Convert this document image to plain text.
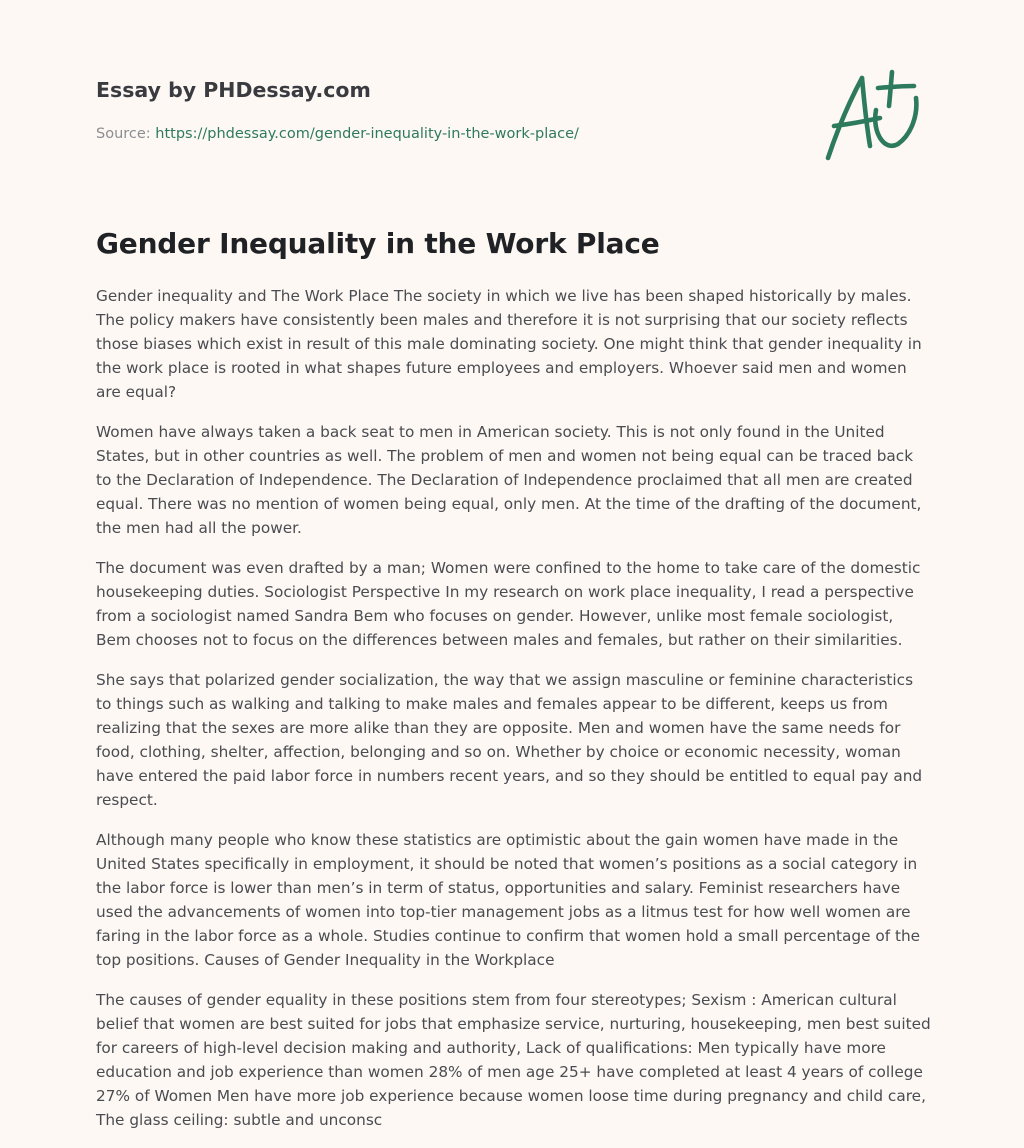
Essay by PHDessay.com
Source: https://phdessay.com/gender-inequality-in-the-work-place/
Gender Inequality in the Work Place

Gender inequality and The Work Place The society in which we live has been shaped historically by males. The policy makers have consistently been males and therefore it is not surprising that our society reflects those biases which exist in result of this male dominating society. One might think that gender inequality in the work place is rooted in what shapes future employees and employers. Whoever said men and women are equal?

Women have always taken a back seat to men in American society. This is not only found in the United States, but in other countries as well. The problem of men and women not being equal can be traced back to the Declaration of Independence. The Declaration of Independence proclaimed that all men are created equal. There was no mention of women being equal, only men. At the time of the drafting of the document, the men had all the power.

The document was even drafted by a man; Women were confined to the home to take care of the domestic housekeeping duties. Sociologist Perspective In my research on work place inequality, I read a perspective from a sociologist named Sandra Bem who focuses on gender. However, unlike most female sociologist, Bem chooses not to focus on the differences between males and females, but rather on their similarities.

She says that polarized gender socialization, the way that we assign masculine or feminine characteristics to things such as walking and talking to make males and females appear to be different, keeps us from realizing that the sexes are more alike than they are opposite. Men and women have the same needs for food, clothing, shelter, affection, belonging and so on. Whether by choice or economic necessity, woman have entered the paid labor force in numbers recent years, and so they should be entitled to equal pay and respect.

Although many people who know these statistics are optimistic about the gain women have made in the United States specifically in employment, it should be noted that women’s positions as a social category in the labor force is lower than men’s in term of status, opportunities and salary. Feminist researchers have used the advancements of women into top-tier management jobs as a litmus test for how well women are faring in the labor force as a whole. Studies continue to confirm that women hold a small percentage of the top positions. Causes of Gender Inequality in the Workplace

The causes of gender equality in these positions stem from four stereotypes; Sexism : American cultural belief that women are best suited for jobs that emphasize service, nurturing, housekeeping, men best suited for careers of high-level decision making and authority, Lack of qualifications: Men typically have more education and job experience than women 28% of men age 25+ have completed at least 4 years of college 27% of Women Men have more job experience because women loose time during pregnancy and child care, The glass ceiling: subtle and unconsc
